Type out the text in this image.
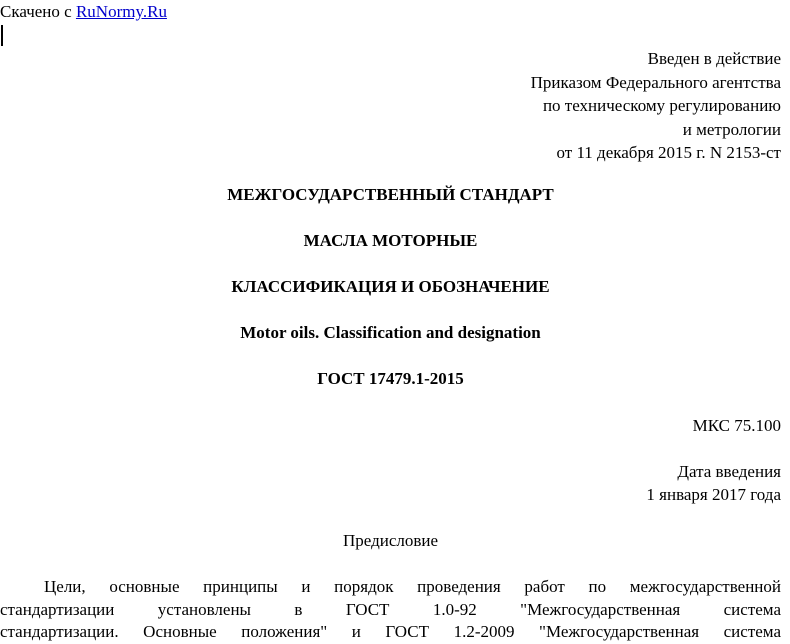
Скачено с RuNormy.Ru
Введен в действие
Приказом Федерального агентства
по техническому регулированию
и метрологии
от 11 декабря 2015 г. N 2153-ст
МЕЖГОСУДАРСТВЕННЫЙ СТАНДАРТ
МАСЛА МОТОРНЫЕ
КЛАССИФИКАЦИЯ И ОБОЗНАЧЕНИЕ
Motor oils. Classification and designation
ГОСТ 17479.1-2015
МКС 75.100
Дата введения
1 января 2017 года
Предисловие
Цели, основные принципы и порядок проведения работ по межгосударственной
стандартизации установлены в ГОСТ 1.0-92 "Межгосударственная система
стандартизации. Основные положения" и ГОСТ 1.2-2009 "Межгосударственная система
